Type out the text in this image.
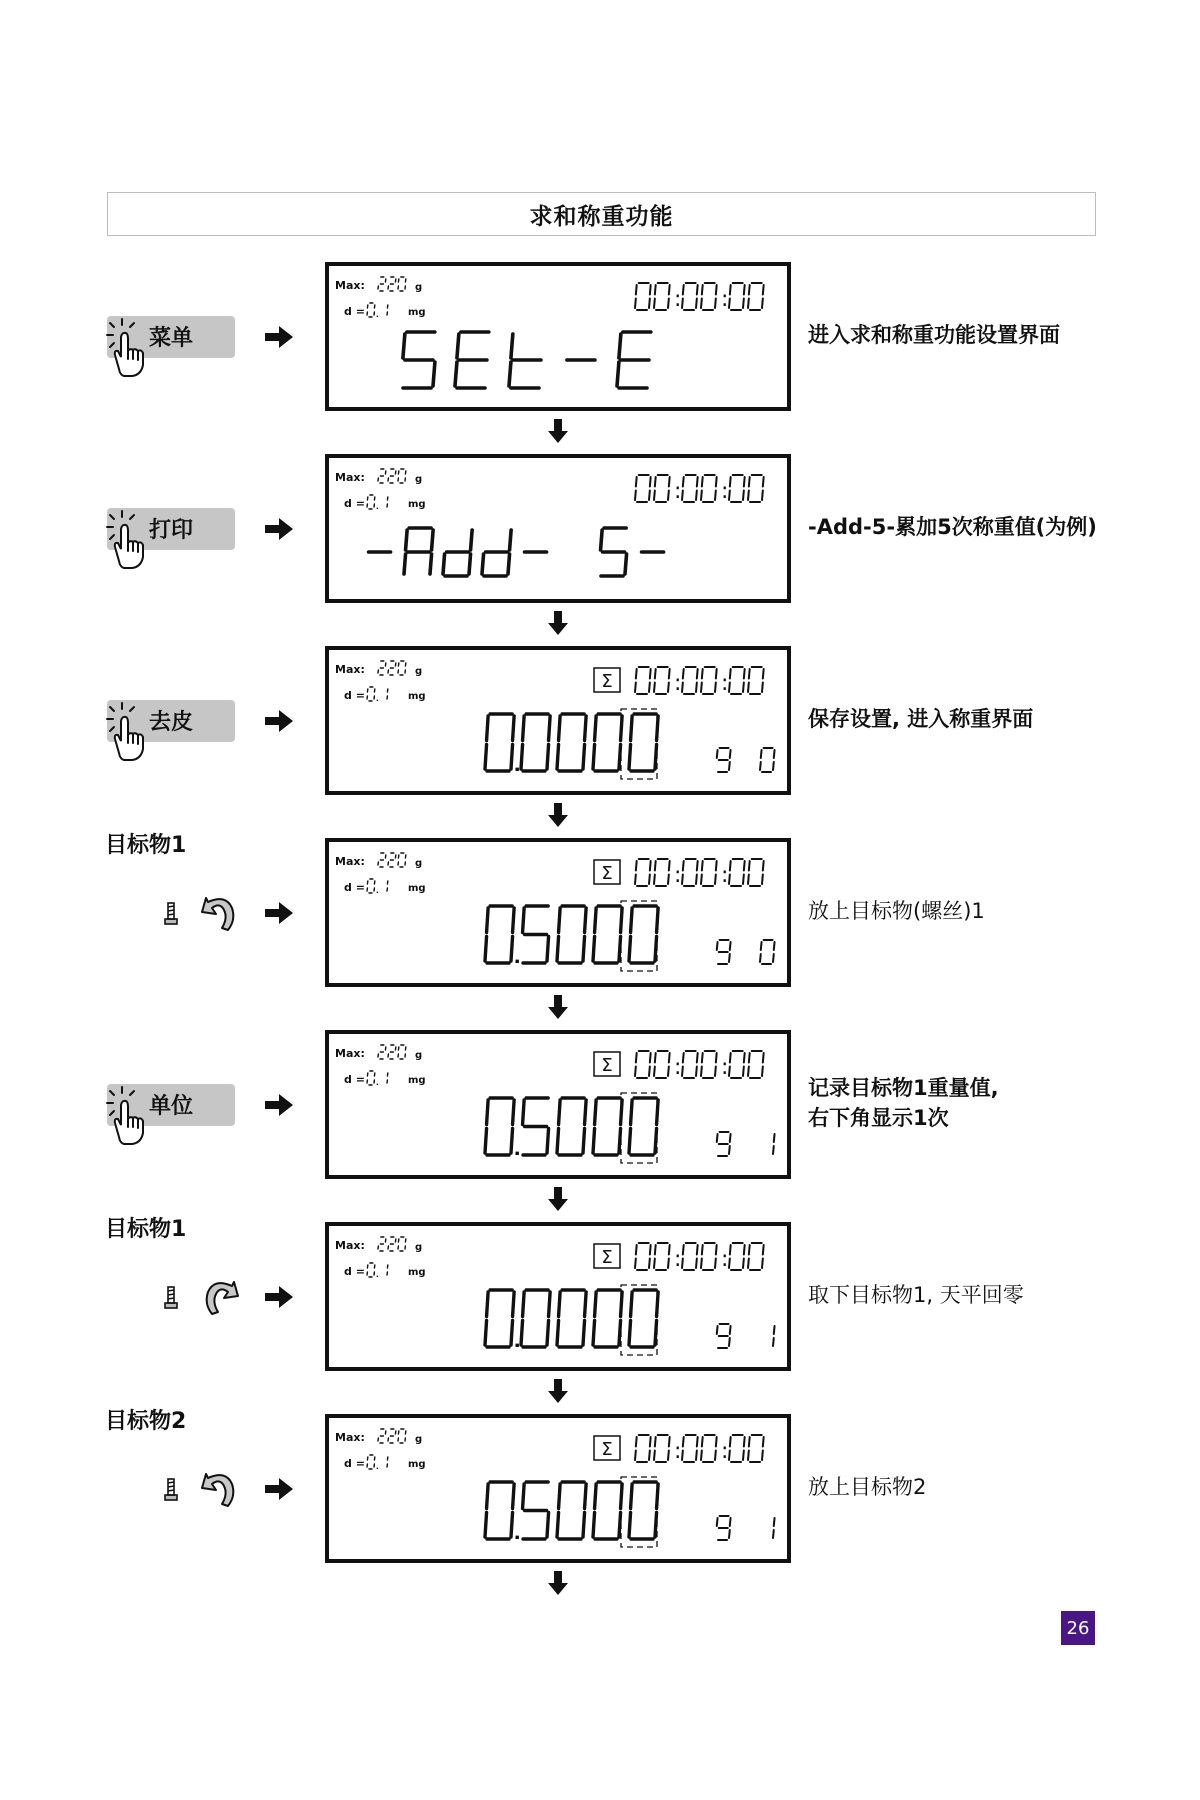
求和称重功能
菜单
Max:	g
d =	mg
: :
进入求和称重功能设置界面
打印
Max:	g
d =	mg
: :
-Add-5-累加5次称重值(为例)
去皮
Max:	g
d =	mg
: :
Σ
保存设置, 进入称重界面
目标物1
Max:	g
d =	mg
: :
Σ
放上目标物(螺丝)1
单位
Max:	g
d =	mg
: :
Σ
记录目标物1重量值,
右下角显示1次
目标物1
Max:	g
d =	mg
: :
Σ
取下目标物1, 天平回零
目标物2
Max:	g
d =	mg
: :
Σ
放上目标物2
26
